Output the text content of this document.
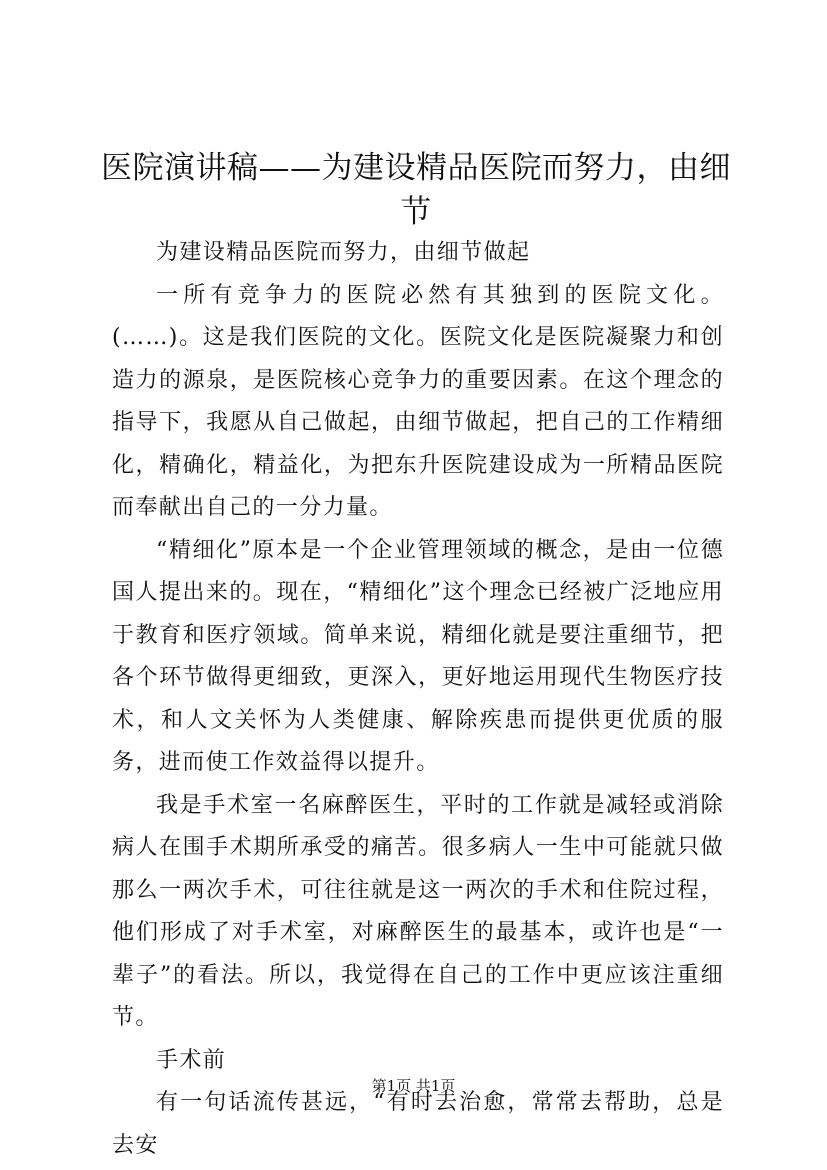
医院演讲稿——为建设精品医院而努力，由细节

为建设精品医院而努力，由细节做起

一所有竞争力的医院必然有其独到的医院文化。(……)。这是我们医院的文化。医院文化是医院凝聚力和创造力的源泉，是医院核心竞争力的重要因素。在这个理念的指导下，我愿从自己做起，由细节做起，把自己的工作精细化，精确化，精益化，为把东升医院建设成为一所精品医院而奉献出自己的一分力量。

“精细化”原本是一个企业管理领域的概念，是由一位德国人提出来的。现在，“精细化”这个理念已经被广泛地应用于教育和医疗领域。简单来说，精细化就是要注重细节，把各个环节做得更细致，更深入，更好地运用现代生物医疗技术，和人文关怀为人类健康、解除疾患而提供更优质的服务，进而使工作效益得以提升。

我是手术室一名麻醉医生，平时的工作就是减轻或消除病人在围手术期所承受的痛苦。很多病人一生中可能就只做那么一两次手术，可往往就是这一两次的手术和住院过程，他们形成了对手术室，对麻醉医生的最基本，或许也是“一辈子”的看法。所以，我觉得在自己的工作中更应该注重细节。

手术前

有一句话流传甚远，“有时去治愈，常常去帮助，总是去安

第1页 共1页
